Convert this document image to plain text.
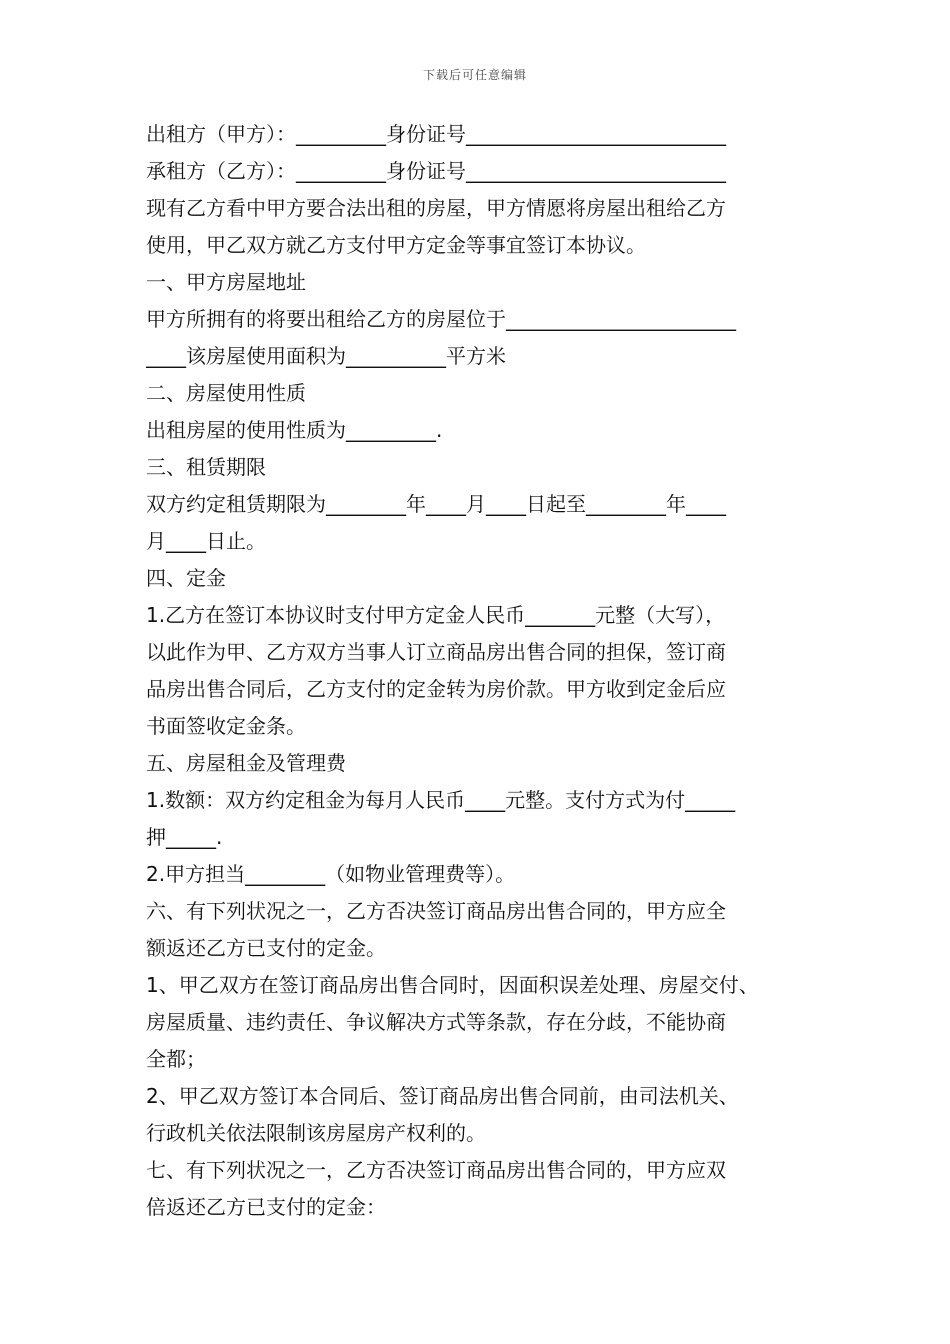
下载后可任意编辑
出租方（甲方）：_________身份证号__________________________
承租方（乙方）：_________身份证号__________________________
现有乙方看中甲方要合法出租的房屋，甲方情愿将房屋出租给乙方
使用，甲乙双方就乙方支付甲方定金等事宜签订本协议。
一、甲方房屋地址
甲方所拥有的将要出租给乙方的房屋位于_______________________
____该房屋使用面积为__________平方米
二、房屋使用性质
出租房屋的使用性质为_________.
三、租赁期限
双方约定租赁期限为________年____月____日起至________年____
月____日止。
四、定金
1.乙方在签订本协议时支付甲方定金人民币_______元整（大写），
以此作为甲、乙方双方当事人订立商品房出售合同的担保，签订商
品房出售合同后，乙方支付的定金转为房价款。甲方收到定金后应
书面签收定金条。
五、房屋租金及管理费
1.数额：双方约定租金为每月人民币____元整。支付方式为付_____
押_____.
2.甲方担当________（如物业管理费等）。
六、有下列状况之一，乙方否决签订商品房出售合同的，甲方应全
额返还乙方已支付的定金。
1、甲乙双方在签订商品房出售合同时，因面积误差处理、房屋交付、
房屋质量、违约责任、争议解决方式等条款，存在分歧，不能协商
全都；
2、甲乙双方签订本合同后、签订商品房出售合同前，由司法机关、
行政机关依法限制该房屋房产权利的。
七、有下列状况之一，乙方否决签订商品房出售合同的，甲方应双
倍返还乙方已支付的定金：
